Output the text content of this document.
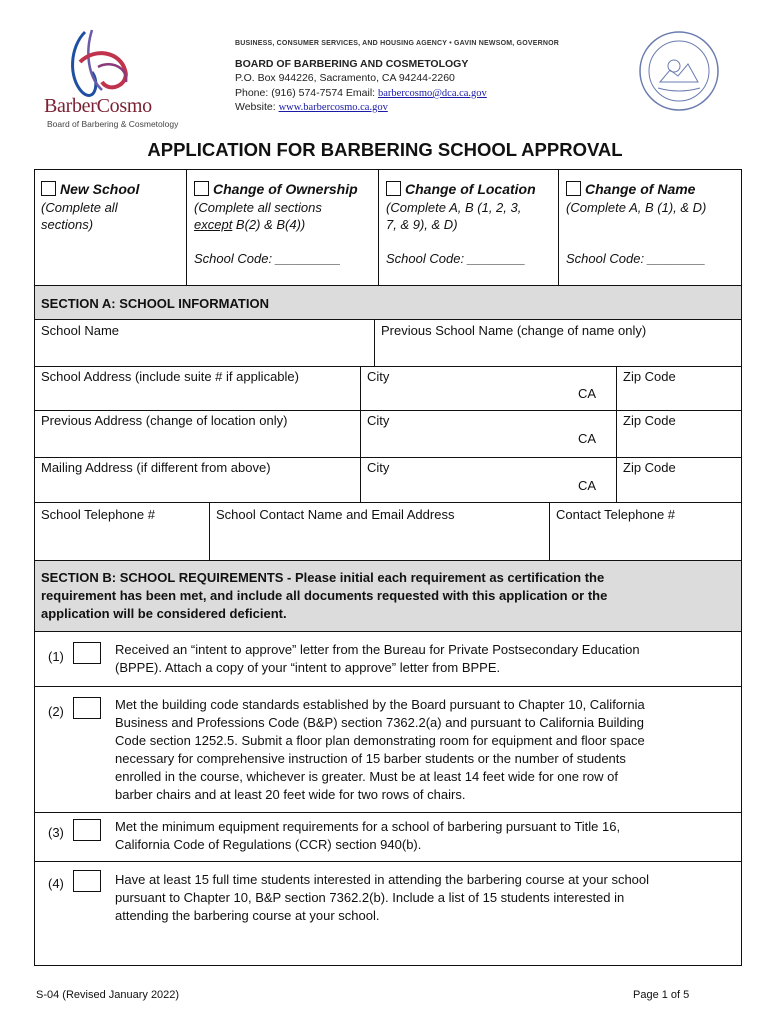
BarberCosmo
Board of Barbering & Cosmetology
BUSINESS, CONSUMER SERVICES, AND HOUSING AGENCY • GAVIN NEWSOM, GOVERNOR
BOARD OF BARBERING AND COSMETOLOGY
P.O. Box 944226, Sacramento, CA 94244-2260
Phone: (916) 574-7574 Email: barbercosmo@dca.ca.gov
Website: www.barbercosmo.ca.gov
APPLICATION FOR BARBERING SCHOOL APPROVAL
New School
(Complete all
sections)
Change of Ownership
(Complete all sections
except B(2) & B(4))
School Code: _________
Change of Location
(Complete A, B (1, 2, 3,
7, & 9), & D)
School Code: ________
Change of Name
(Complete A, B (1), & D)
School Code: ________
SECTION A: SCHOOL INFORMATION
School Name	Previous School Name (change of name only)
School Address (include suite # if applicable)	City
CA
Zip Code
Previous Address (change of location only)	City
CA
Zip Code
Mailing Address (if different from above)	City
CA
Zip Code
School Telephone #	School Contact Name and Email Address	Contact Telephone #
SECTION B: SCHOOL REQUIREMENTS - Please initial each requirement as certification the
requirement has been met, and include all documents requested with this application or the
application will be considered deficient.
(1)	Received an “intent to approve” letter from the Bureau for Private Postsecondary Education
(BPPE). Attach a copy of your “intent to approve” letter from BPPE.
(2)	Met the building code standards established by the Board pursuant to Chapter 10, California
Business and Professions Code (B&P) section 7362.2(a) and pursuant to California Building
Code section 1252.5. Submit a floor plan demonstrating room for equipment and floor space
necessary for comprehensive instruction of 15 barber students or the number of students
enrolled in the course, whichever is greater. Must be at least 14 feet wide for one row of
barber chairs and at least 20 feet wide for two rows of chairs.
(3)	Met the minimum equipment requirements for a school of barbering pursuant to Title 16,
California Code of Regulations (CCR) section 940(b).
(4)	Have at least 15 full time students interested in attending the barbering course at your school
pursuant to Chapter 10, B&P section 7362.2(b). Include a list of 15 students interested in
attending the barbering course at your school.
S-04 (Revised January 2022)	Page 1 of 5
